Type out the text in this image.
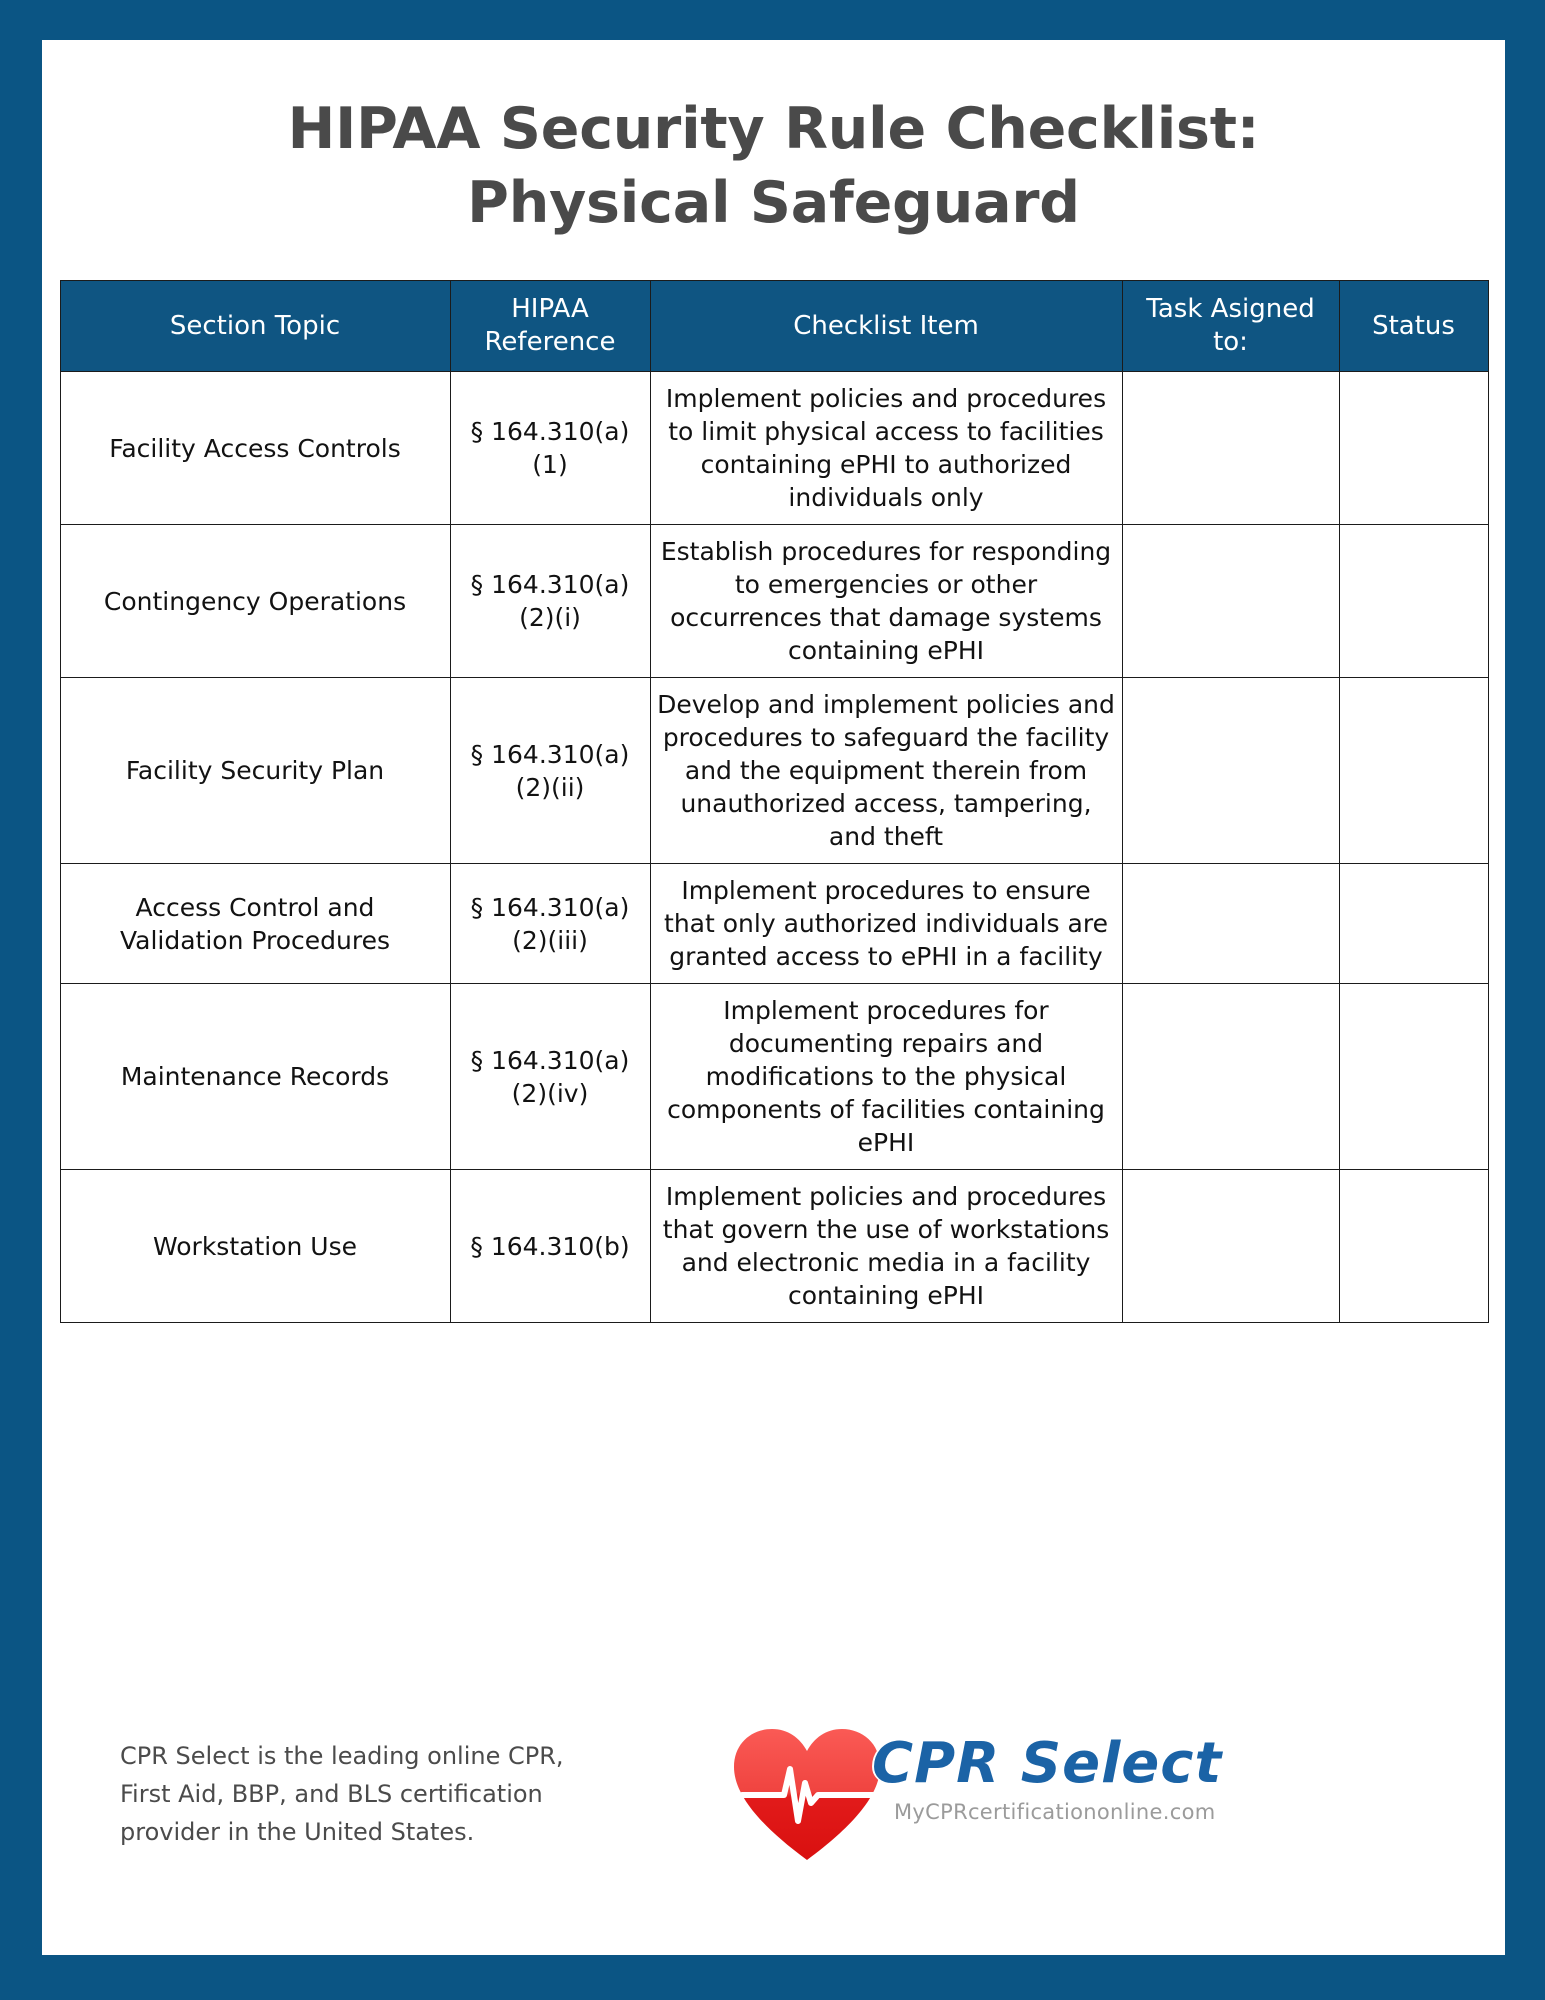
HIPAA Security Rule Checklist:
Physical Safeguard
Section Topic	HIPAA Reference	Checklist Item	Task Asigned to:	Status
Facility Access Controls	§ 164.310(a)(1)	Implement policies and procedures to limit physical access to facilities containing ePHI to authorized individuals only		
Contingency Operations	§ 164.310(a)(2)(i)	Establish procedures for responding to emergencies or other occurrences that damage systems containing ePHI		
Facility Security Plan	§ 164.310(a)(2)(ii)	Develop and implement policies and procedures to safeguard the facility and the equipment therein from unauthorized access, tampering, and theft		
Access Control and Validation Procedures	§ 164.310(a)(2)(iii)	Implement procedures to ensure that only authorized individuals are granted access to ePHI in a facility		
Maintenance Records	§ 164.310(a)(2)(iv)	Implement procedures for documenting repairs and modifications to the physical components of facilities containing ePHI		
Workstation Use	§ 164.310(b)	Implement policies and procedures that govern the use of workstations and electronic media in a facility containing ePHI		
CPR Select is the leading online CPR, First Aid, BBP, and BLS certification provider in the United States.
CPR Select
MyCPRcertificationonline.com
